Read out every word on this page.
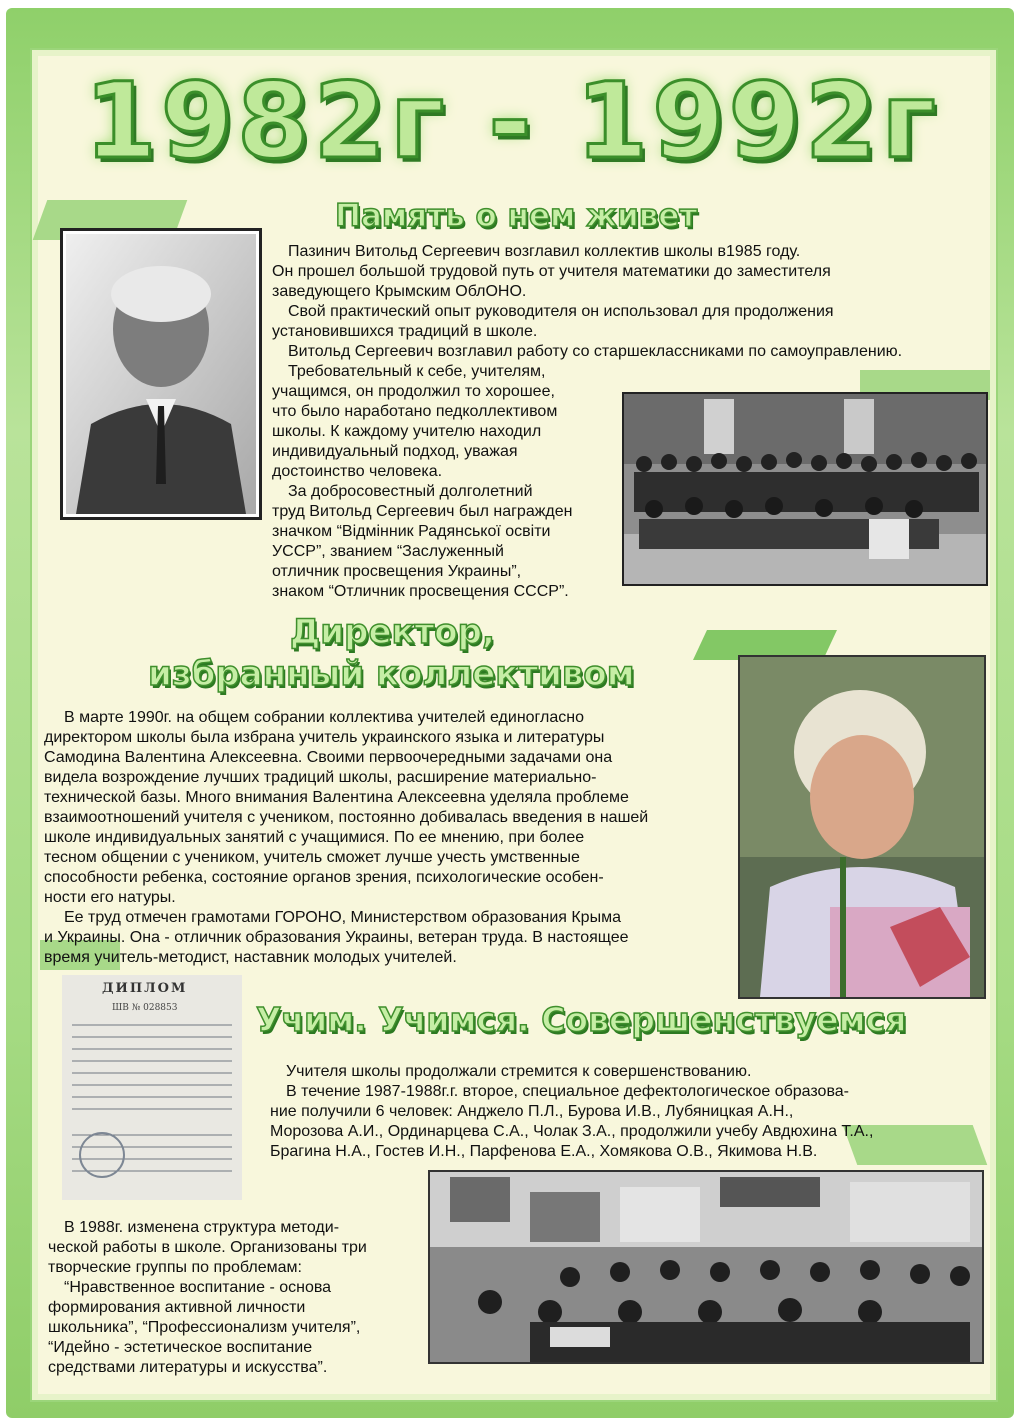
1982г - 1992г
Память о нем живет

Пазинич Витольд Сергеевич возглавил коллектив школы в1985 году.

Он прошел большой трудовой путь от учителя математики до заместителя

заведующего Крымским ОблОНО.

Свой практический опыт руководителя он использовал для продолжения

установившихся традиций в школе.

Витольд Сергеевич возглавил работу со старшеклассниками по самоуправлению.

Требовательный к себе, учителям,

учащимся, он продолжил то хорошее,

что было наработано педколлективом

школы. К каждому учителю находил

индивидуальный подход, уважая

достоинство человека.

За добросовестный долголетний

труд Витольд Сергеевич был награжден

значком “Відмінник Радянської освіти

УССР”, званием “Заслуженный

отличник просвещения Украины”,

знаком “Отличник просвещения СССР”.

Директор,
избранный коллективом

В марте 1990г. на общем собрании коллектива учителей единогласно

директором школы была избрана учитель украинского языка и литературы

Самодина Валентина Алексеевна. Своими первоочередными задачами она

видела возрождение лучших традиций школы, расширение материально-

технической базы. Много внимания Валентина Алексеевна уделяла проблеме

взаимоотношений учителя с учеником, постоянно добивалась введения в нашей

школе индивидуальных занятий с учащимися. По ее мнению, при более

тесном общении с учеником, учитель сможет лучше учесть умственные

способности ребенка, состояние органов зрения, психологические особен-

ности его натуры.

Ее труд отмечен грамотами ГОРОНО, Министерством образования Крыма

и Украины. Она - отличник образования Украины, ветеран труда. В настоящее

время учитель-методист, наставник молодых учителей.

ДИПЛОМ
ШВ № 028853 Учим. Учимся. Совершенствуемся

Учителя школы продолжали стремится к совершенствованию.

В течение 1987-1988г.г. второе, специальное дефектологическое образова-

ние получили 6 человек: Анджело П.Л., Бурова И.В., Лубяницкая А.Н.,

Морозова А.И., Ординарцева С.А., Чолак З.А., продолжили учебу Авдюхина Т.А.,

Брагина Н.А., Гостев И.Н., Парфенова Е.А., Хомякова О.В., Якимова Н.В.

В 1988г. изменена структура методи-

ческой работы в школе. Организованы три

творческие группы по проблемам:

“Нравственное воспитание - основа

формирования активной личности

школьника”, “Профессионализм учителя”,

“Идейно - эстетическое воспитание

средствами литературы и искусства”.
